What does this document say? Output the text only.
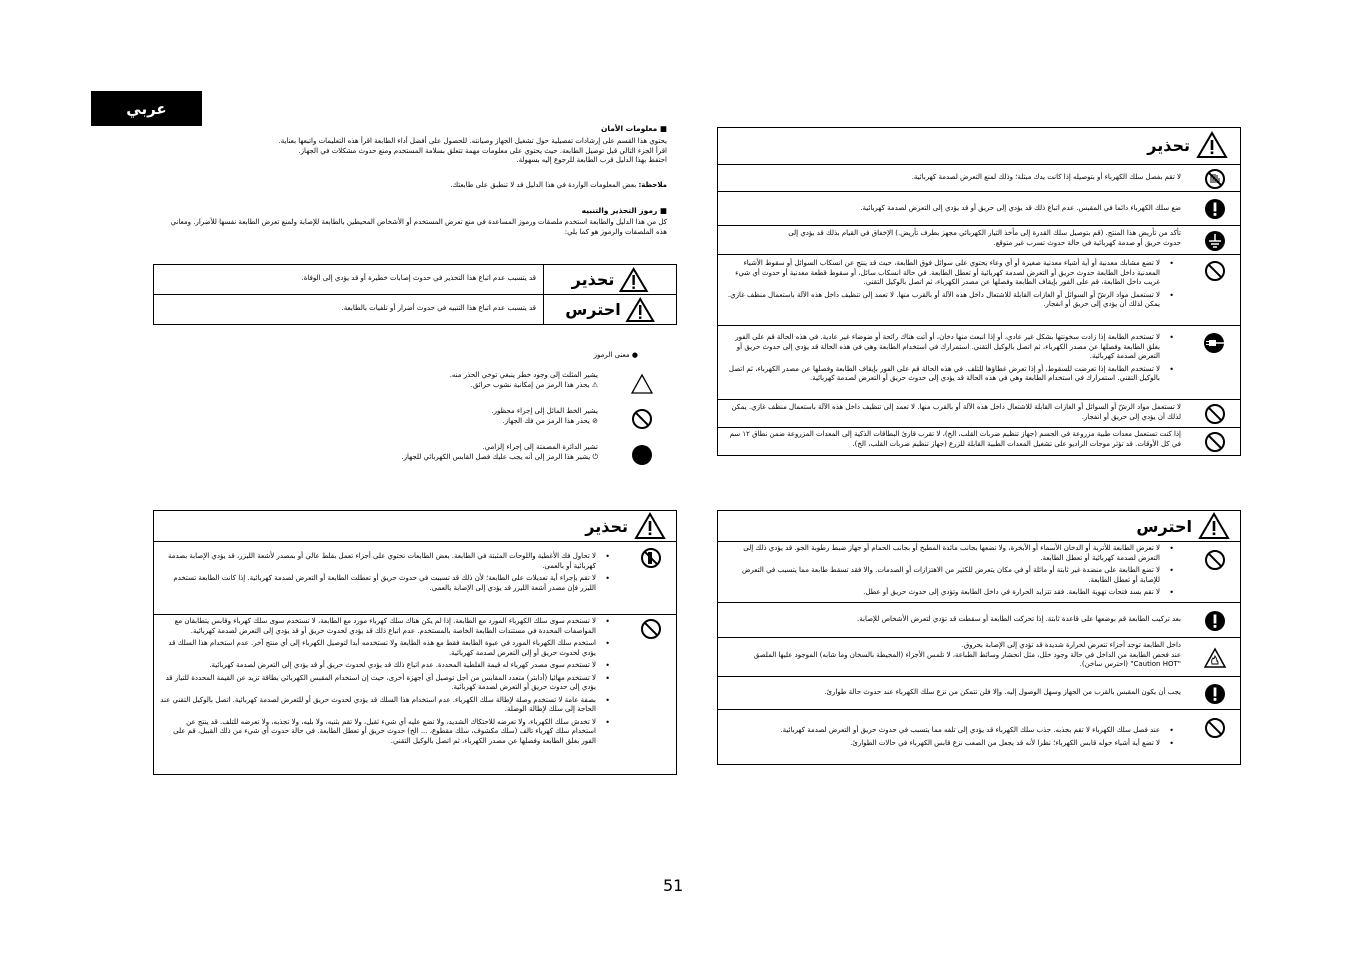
عربي
■ معلومات الأمان
يحتوي هذا القسم على إرشادات تفصيلية حول تشغيل الجهاز وصيانته. للحصول على أفضل أداء الطابعة اقرأ هذه التعليمات واتبعها بعناية.
اقرأ الجزء التالي قبل توصيل الطابعة. حيث يحتوي على معلومات مهمة تتعلق بسلامة المستخدم ومنع حدوث مشكلات في الجهاز.
احتفظ بهذا الدليل قرب الطابعة للرجوع إليه بسهولة.
ملاحظة: بعض المعلومات الواردة في هذا الدليل قد لا تنطبق على طابعتك.
■ رموز التحذير والتنبيه
كل من هذا الدليل والطابعة استخدم ملصقات ورموز المساعدة في منع تعرض المستخدم أو الأشخاص المحيطين بالطابعة للإصابة ولمنع تعرض الطابعة نفسها للأضرار. ومعاني
هذه الملصقات والرموز هو كما يلي:
تحذير
قد يتسبب عدم اتباع هذا التحذير في حدوث إصابات خطيرة أو قد يؤدي إلى الوفاة.
احترس
قد يتسبب عدم اتباع هذا التنبيه في حدوث أضرار أو تلفيات بالطابعة.
● معنى الرموز
يشير المثلث إلى وجود خطر ينبغي توخي الحذر منه.
⚠ يحذر هذا الرمز من إمكانية نشوب حرائق.
يشير الخط المائل إلى إجراء محظور.
⦸ يحذر هذا الرمز من فك الجهاز.
تشير الدائرة المصمتة إلى إجراء إلزامي.
⏻ يشير هذا الرمز إلى أنه يجب عليك فصل القابس الكهربائي للجهاز.
تحذير
لا تقم بفصل سلك الكهرباء أو بتوصيله إذا كانت يدك مبتلة؛ وذلك لمنع التعرض لصدمة كهربائية.
ضع سلك الكهرباء دائما في المقبس. عدم اتباع ذلك قد يؤدي إلى حريق أو قد يؤدي إلى التعرض لصدمة كهربائية.
تأكد من تأريض هذا المنتج. (قم بتوصيل سلك القدرة إلى مأخذ التيار الكهربائي مجهز بطرف تأريض.) الإخفاق في القيام بذلك قد يؤدي إلى
حدوث حريق أو صدمة كهربائية في حالة حدوث تسرب غير متوقع.
• لا تضع مشابك معدنية أو أية أشياء معدنية صغيرة أو أي وعاء يحتوي على سوائل فوق الطابعة، حيث قد ينتج عن انسكاب السوائل أو سقوط الأشياء المعدنية داخل الطابعة حدوث حريق أو التعرض لصدمة كهربائية أو تعطل الطابعة. في حالة انسكاب سائل، أو سقوط قطعة معدنية أو حدوث أي شيء غريب داخل الطابعة، قم على الفور بإيقاف الطابعة وفصلها عن مصدر الكهرباء، ثم اتصل بالوكيل التقني.
• لا تستعمل مواد الرشّ أو السوائل أو الغازات القابلة للاشتعال داخل هذه الآلة أو بالقرب منها. لا تعمد إلى تنظيف داخل هذه الآلة باستعمال منظف غازي. يمكن لذلك أن يؤدي إلى حريق أو انفجار.
• لا تستخدم الطابعة إذا زادت سخونتها بشكل غير عادي، أو إذا انبعث منها دخان، أو أتت هناك رائحة أو ضوضاء غير عادية. في هذه الحالة قم على الفور بغلق الطابعة وفصلها عن مصدر الكهرباء، ثم اتصل بالوكيل التقني. استمرارك في استخدام الطابعة وهي في هذه الحالة قد يؤدي إلى حدوث حريق أو التعرض لصدمة كهربائية.
• لا تستخدم الطابعة إذا تعرضت للسقوط، أو إذا تعرض غطاؤها للتلف. في هذه الحالة قم على الفور بإيقاف الطابعة وفصلها عن مصدر الكهرباء، ثم اتصل بالوكيل التقني. استمرارك في استخدام الطابعة وهي في هذه الحالة قد يؤدي إلى حدوث حريق أو التعرض لصدمة كهربائية.
لا تستعمل مواد الرشّ أو السوائل أو الغازات القابلة للاشتعال داخل هذه الآلة أو بالقرب منها. لا تعمد إلى تنظيف داخل هذه الآلة باستعمال منظف غازي. يمكن لذلك أن يؤدي إلى حريق أو انفجار.
إذا كنت تستعمل معدات طبية مزروعة في الجسم (جهاز تنظيم ضربات القلب، الخ)، لا تقرب قارئ البطاقات الذكية إلى المعدات المزروعة ضمن نطاق ١٢ سم في كل الأوقات. قد تؤثر موجات الراديو على تشغيل المعدات الطبية القابلة للزرع (جهاز تنظيم ضربات القلب، الخ).
تحذير
• لا تحاول فك الأغطية واللوحات المثبتة في الطابعة. بعض الطابعات تحتوي على أجزاء تعمل بفلط عالي أو بمصدر لأشعة الليزر، قد يؤدي الإصابة بصدمة كهربائية أو بالعمى.
• لا تقم بإجراء أية تعديلات على الطابعة؛ لأن ذلك قد تسببت في حدوث حريق أو تعطلت الطابعة أو التعرض لصدمة كهربائية. إذا كانت الطابعة تستخدم الليزر فإن مصدر أشعة الليزر قد يؤدي إلى الإصابة بالعمى.
• لا تستخدم سوى سلك الكهرباء المورد مع الطابعة. إذا لم يكن هناك سلك كهرباء مورد مع الطابعة، لا تستخدم سوى سلك كهرباء وقابس يتطابقان مع المواصفات المحددة في مستندات الطابعة الخاصة بالمستخدم. عدم اتباع ذلك قد يؤدي لحدوث حريق أو قد يؤدي إلى التعرض لصدمة كهربائية.
• استخدم سلك الكهرباء المورد في عبوة الطابعة فقط مع هذه الطابعة ولا تستخدمه أبدا لتوصيل الكهرباء إلى أي منتج آخر. عدم استخدام هذا السلك قد يؤدي لحدوث حريق أو إلى التعرض لصدمة كهربائية.
• لا تستخدم سوى مصدر كهرباء له قيمة الفلطية المحددة. عدم اتباع ذلك قد يؤدي لحدوث حريق أو قد يؤدي إلى التعرض لصدمة كهربائية.
• لا تستخدم مهائيا (أدابتر) متعدد المقابس من أجل توصيل أي أجهزة أخرى، حيث إن استخدام المقبس الكهربائي بطاقة تزيد عن القيمة المحددة للتيار قد يؤدي إلى حدوث حريق أو التعرض لصدمة كهربائية.
• بصفة عامة لا تستخدم وصلة لإطالة سلك الكهرباء. عدم استخدام هذا السلك قد يؤدي لحدوث حريق أو للتعرض لصدمة كهربائية. اتصل بالوكيل التقني عند الحاجة إلى سلك لإطالة الوصلة.
• لا تخدش سلك الكهرباء، ولا تعرضه للاحتكاك الشديد، ولا تضع عليه أي شيء ثقيل، ولا تقم بثنيه، ولا بليه، ولا تجذبه، ولا تعرضه للتلف. قد ينتج عن استخدام سلك كهرباء تالف (سلك مكشوف، سلك مقطوع، ... الخ) حدوث حريق أو تعطل الطابعة. في حالة حدوث أي شيء من ذلك القبيل، قم على الفور بغلق الطابعة وفصلها عن مصدر الكهرباء، ثم اتصل بالوكيل التقني.
احترس
• لا تعرض الطابعة للأتربة أو الدخان الأسماء أو الأبخرة، ولا تضعها بجانب مائدة المطبخ أو بجانب الحمام أو جهاز ضبط رطوبة الجو. قد يؤدي ذلك إلى التعرض لصدمة كهربائية أو تعطل الطابعة.
• لا تضع الطابعة على منضدة غير ثابتة أو مائلة أو في مكان يتعرض للكثير من الاهتزازات أو الصدمات. والا فقد تسقط طابعة مما يتسبب في التعرض للإصابة أو تعطل الطابعة.
• لا تقم بسد فتحات تهوية الطابعة. فقد تتزايد الحرارة في داخل الطابعة وتؤدي إلى حدوث حريق أو عطل.
بعد تركيب الطابعة قم بوضعها على قاعدة ثابتة. إذا تحركت الطابعة أو سقطت قد تؤدي لتعرض الأشخاص للإصابة.
داخل الطابعة توجد أجزاء تتعرض لحرارة شديدة قد تؤدي إلى الإصابة بحروق.
عند فحص الطابعة من الداخل في حالة وجود خلل، مثل انحشار وسائط الطباعة، لا تلمس الأجزاء (المحيطة بالسخان وما شابه) الموجود عليها الملصق "Caution HOT" (احترس ساخن).
يجب أن يكون المقبس بالقرب من الجهاز وسهل الوصول إليه. وإلا فلن تتمكن من نزع سلك الكهرباء عند حدوث حالة طوارئ.
• عند فصل سلك الكهرباء لا تقم بجذبه. جذب سلك الكهرباء قد يؤدي إلى تلفه مما يتسبب في حدوث حريق أو التعرض لصدمة كهربائية.
• لا تضع أية أشياء حوله قابس الكهرباء؛ نظرا لأنه قد يجعل من الصعب نزع قابس الكهرباء في حالات الطوارئ.
51
